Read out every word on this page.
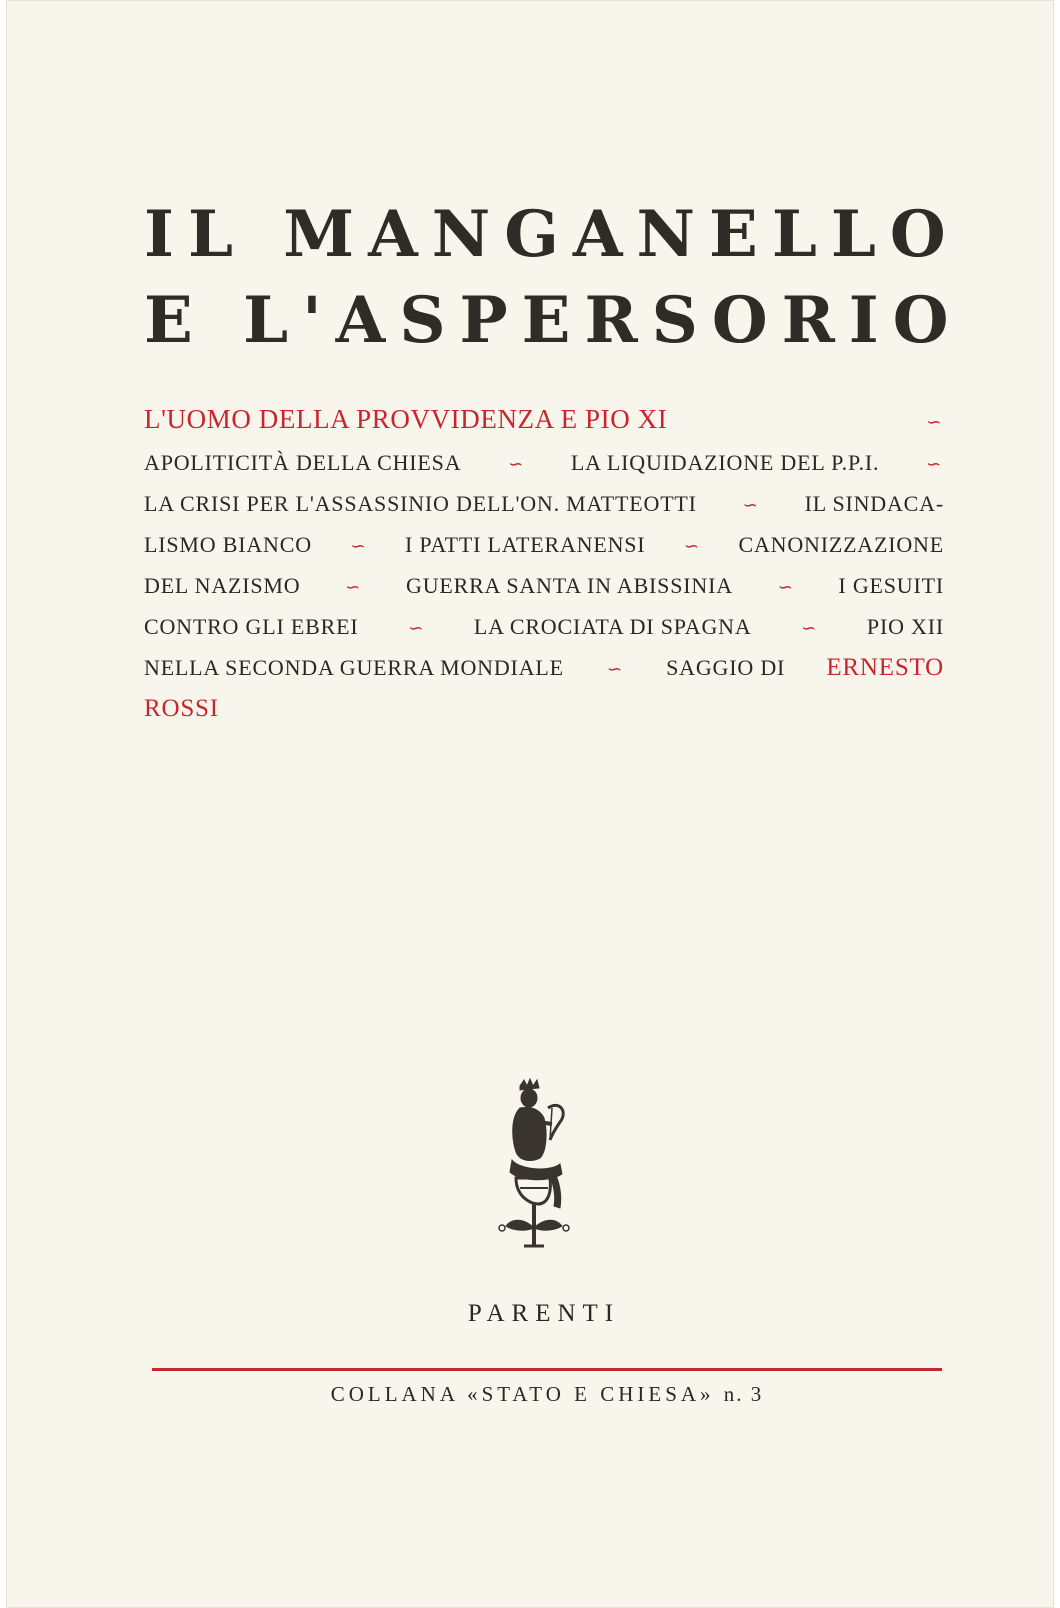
IL MANGANELLO
E L'ASPERSORIO
L'UOMO DELLA PROVVIDENZA E PIO XI	∽
APOLITICITÀ DELLA CHIESA	∽ LA LIQUIDAZIONE DEL P.P.I.	∽
LA CRISI PER L'ASSASSINIO DELL'ON. MATTEOTTI	∽ IL SINDACA-
LISMO BIANCO ∽ I PATTI LATERANENSI ∽ CANONIZZAZIONE
DEL NAZISMO ∽ GUERRA SANTA IN ABISSINIA ∽ I GESUITI
CONTRO GLI EBREI	∽ LA CROCIATA DI SPAGNA	∽ PIO XII
NELLA SECONDA GUERRA MONDIALE ∽ SAGGIO DI ERNESTO
ROSSI
PARENTI
COLLANA «STATO E CHIESA» n. 3
